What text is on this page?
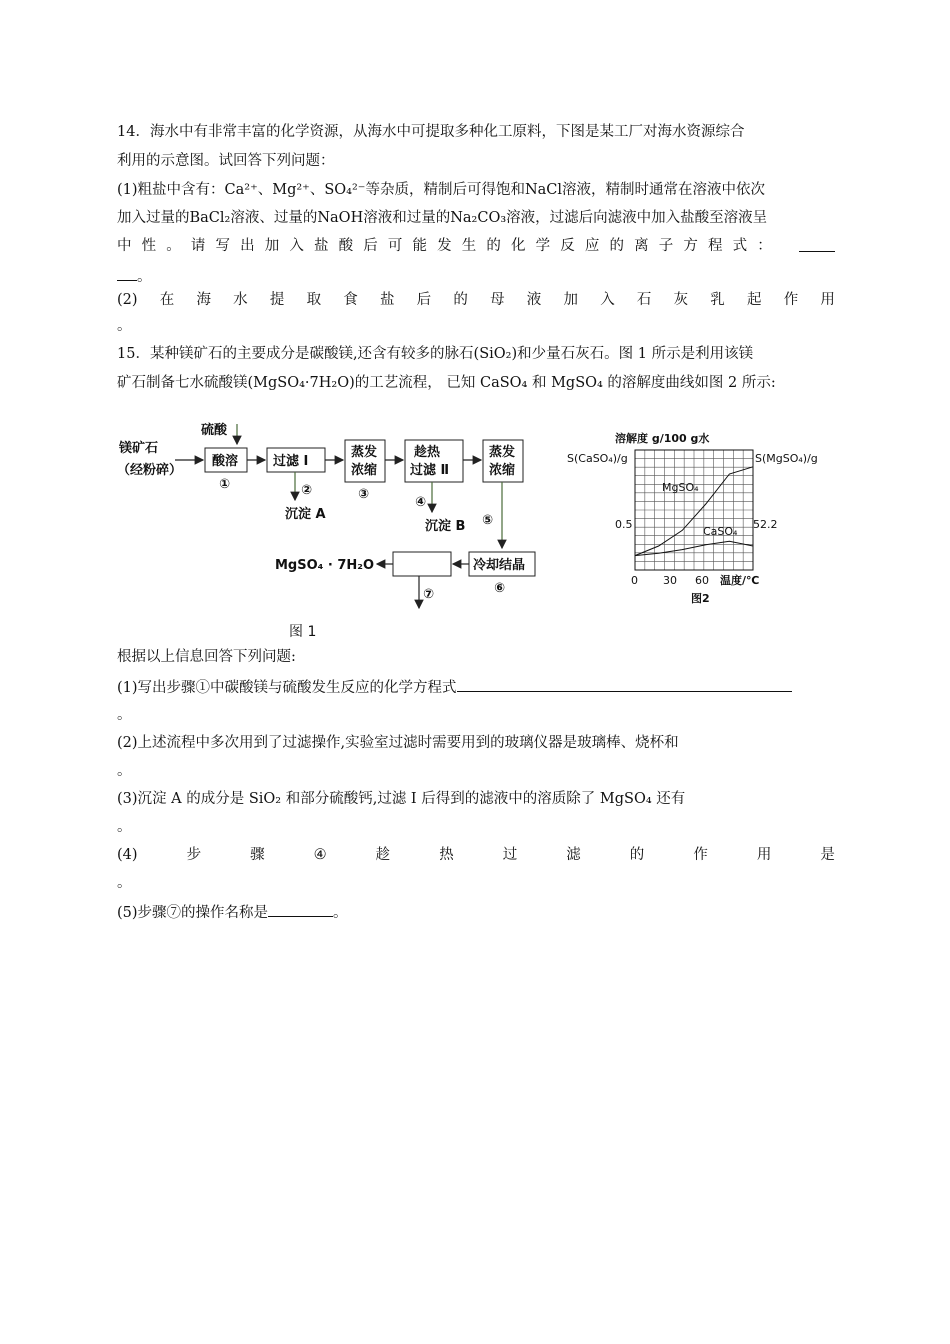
14．海水中有非常丰富的化学资源，从海水中可提取多种化工原料，下图是某工厂对海水资源综合
利用的示意图。试回答下列问题：
(1)粗盐中含有：Ca²⁺、Mg²⁺、SO₄²⁻等杂质，精制后可得饱和NaCl溶液，精制时通常在溶液中依次
加入过量的BaCl₂溶液、过量的NaOH溶液和过量的Na₂CO₃溶液，过滤后向滤液中加入盐酸至溶液呈
中 性 。 请 写 出 加 入 盐 酸 后 可 能 发 生 的 化 学 反 应 的 离 子 方 程 式 ：
。
(2) 在 海 水 提 取 食 盐 后 的 母 液 加 入 石 灰 乳 起 作 用
。
15．某种镁矿石的主要成分是碳酸镁,还含有较多的脉石(SiO₂)和少量石灰石。图 1 所示是利用该镁
矿石制备七水硫酸镁(MgSO₄·7H₂O)的工艺流程， 已知 CaSO₄ 和 MgSO₄ 的溶解度曲线如图 2 所示:
镁矿石
（经粉碎）
硫酸
酸溶
①
过滤 Ⅰ
②
沉淀 A
蒸发
浓缩
③
趁热
过滤 Ⅱ
④
沉淀 B
蒸发
浓缩
⑤
冷却结晶
⑥
MgSO₄ · 7H₂O
⑦
图 1
溶解度 g/100 g水
S(CaSO₄)/g	S(MgSO₄)/g
MgSO₄
CaSO₄
0.5	52.2
0 30 60 温度/℃
图2
根据以上信息回答下列问题:
(1)写出步骤①中碳酸镁与硫酸发生反应的化学方程式
。
(2)上述流程中多次用到了过滤操作,实验室过滤时需要用到的玻璃仪器是玻璃棒、烧杯和
。
(3)沉淀 A 的成分是 SiO₂ 和部分硫酸钙,过滤 Ⅰ 后得到的滤液中的溶质除了 MgSO₄ 还有
。
(4)	步	骤	④	趁	热	过	滤	的	作	用	是
。
(5)步骤⑦的操作名称是	。
